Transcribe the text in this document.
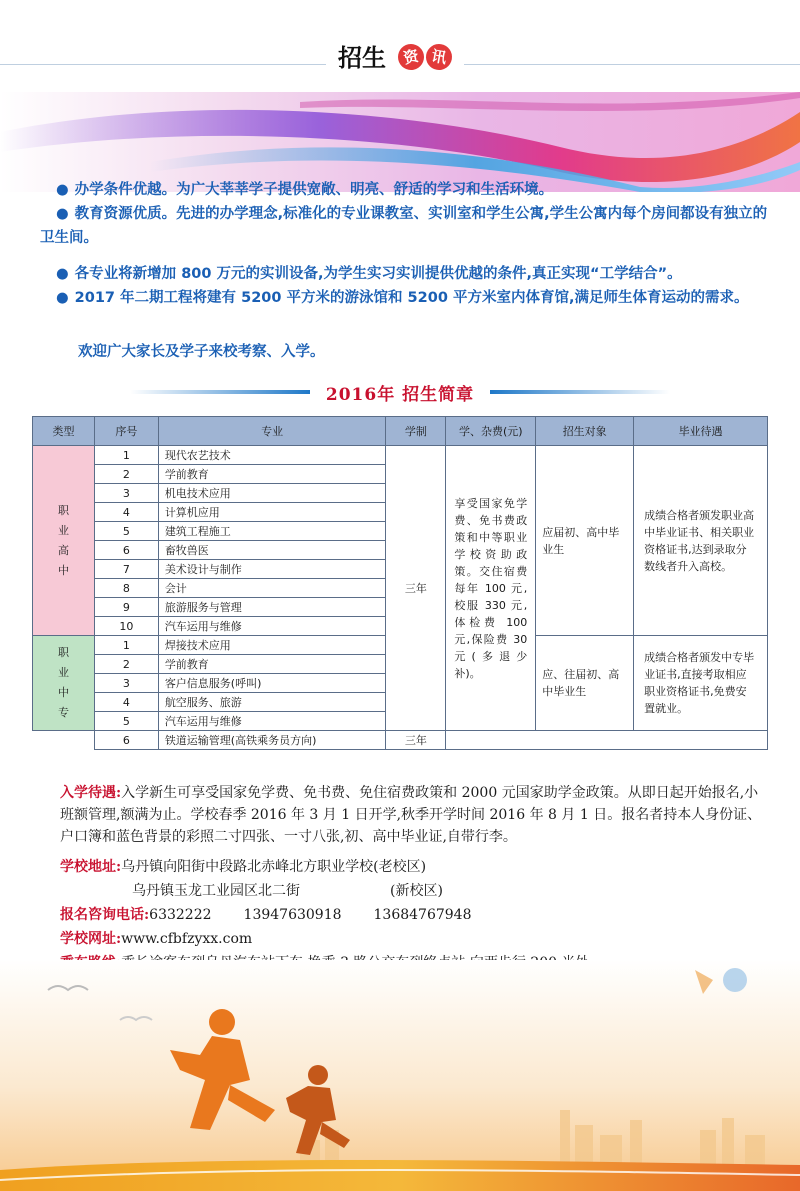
招生	资 讯
● 办学条件优越。为广大莘莘学子提供宽敞、明亮、舒适的学习和生活环境。
● 教育资源优质。先进的办学理念,标准化的专业课教室、实训室和学生公寓,学生公寓内每个房间都设有独立的卫生间。
● 各专业将新增加 800 万元的实训设备,为学生实习实训提供优越的条件,真正实现“工学结合”。
● 2017 年二期工程将建有 5200 平方米的游泳馆和 5200 平方米室内体育馆,满足师生体育运动的需求。
欢迎广大家长及学子来校考察、入学。
2016年 招生简章
类型	序号	专业	学制	学、杂费(元)	招生对象	毕业待遇

职业高中	1	现代农艺技术	三年	享受国家免学费、免书费政策和中等职业学校资助政策。交住宿费每年 100 元,校服 330 元,体检费 100 元,保险费 30 元(多退少补)。	应届初、高中毕业生	成绩合格者颁发职业高中毕业证书、相关职业资格证书,达到录取分数线者升入高校。
	2	学前教育				
	3	机电技术应用				
	4	计算机应用				
	5	建筑工程施工				
	6	畜牧兽医				
	7	美术设计与制作				
	8	会计				
	9	旅游服务与管理				
	10	汽车运用与维修				

职业中专	1	焊接技术应用			应、往届初、高中毕业生	成绩合格者颁发中专毕业证书,直接考取相应职业资格证书,免费安置就业。
	2	学前教育				
	3	客户信息服务(呼叫)				
	4	航空服务、旅游				
	5	汽车运用与维修				
	6	铁道运输管理(高铁乘务员方向)	三年			
入学待遇:入学新生可享受国家免学费、免书费、免住宿费政策和 2000 元国家助学金政策。从即日起开始报名,小班额管理,额满为止。学校春季 2016 年 3 月 1 日开学,秋季开学时间 2016 年 8 月 1 日。报名者持本人身份证、户口簿和蓝色背景的彩照二寸四张、一寸八张,初、高中毕业证,自带行李。
学校地址:乌丹镇向阳街中段路北赤峰北方职业学校(老校区)
乌丹镇玉龙工业园区北二街	(新校区)
报名咨询电话:6332222 13947630918 13684767948
学校网址:www.cfbfzyxx.com
